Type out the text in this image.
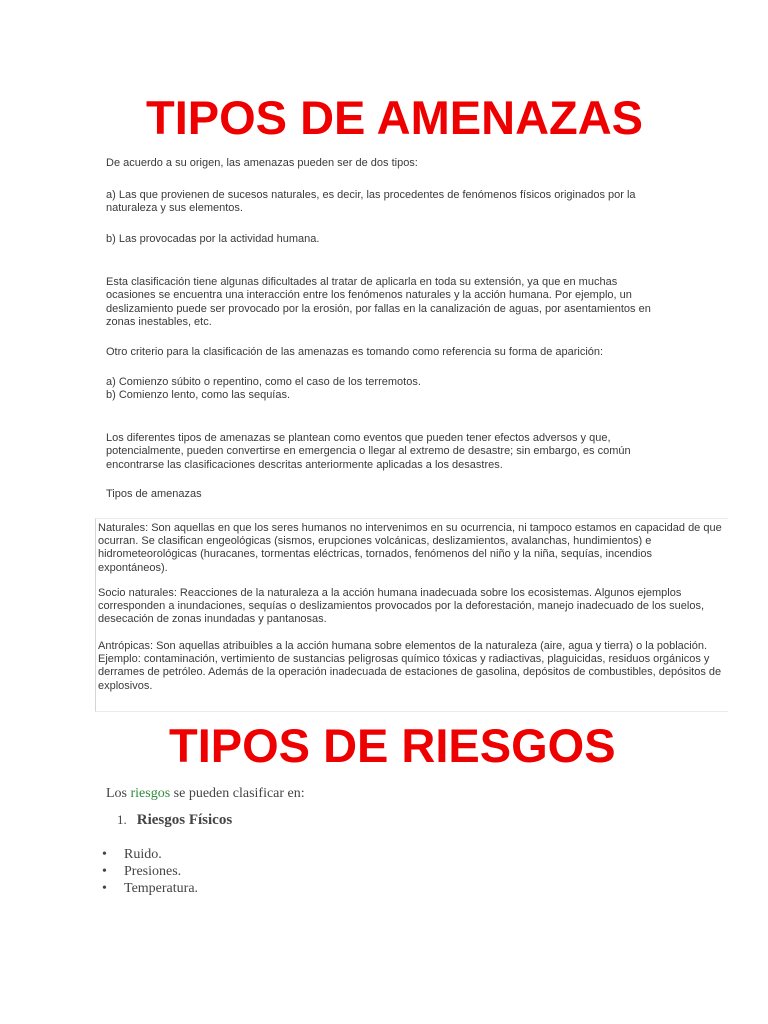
TIPOS DE AMENAZAS

De acuerdo a su origen, las amenazas pueden ser de dos tipos:

a) Las que provienen de sucesos naturales, es decir, las procedentes de fenómenos físicos originados por la naturaleza y sus elementos.

b) Las provocadas por la actividad humana.

Esta clasificación tiene algunas dificultades al tratar de aplicarla en toda su extensión, ya que en muchas ocasiones se encuentra una interacción entre los fenómenos naturales y la acción humana. Por ejemplo, un deslizamiento puede ser provocado por la erosión, por fallas en la canalización de aguas, por asentamientos en zonas inestables, etc.

Otro criterio para la clasificación de las amenazas es tomando como referencia su forma de aparición:

a) Comienzo súbito o repentino, como el caso de los terremotos.

b) Comienzo lento, como las sequías.

Los diferentes tipos de amenazas se plantean como eventos que pueden tener efectos adversos y que, potencialmente, pueden convertirse en emergencia o llegar al extremo de desastre; sin embargo, es común encontrarse las clasificaciones descritas anteriormente aplicadas a los desastres.

Tipos de amenazas

Naturales: Son aquellas en que los seres humanos no intervenimos en su ocurrencia, ni tampoco estamos en capacidad de que ocurran. Se clasifican engeológicas (sismos, erupciones volcánicas, deslizamientos, avalanchas, hundimientos) e hidrometeorológicas (huracanes, tormentas eléctricas, tornados, fenómenos del niño y la niña, sequías, incendios expontáneos).

Socio naturales: Reacciones de la naturaleza a la acción humana inadecuada sobre los ecosistemas. Algunos ejemplos corresponden a inundaciones, sequías o deslizamientos provocados por la deforestación, manejo inadecuado de los suelos, desecación de zonas inundadas y pantanosas.

Antrópicas: Son aquellas atribuibles a la acción humana sobre elementos de la naturaleza (aire, agua y tierra) o la población. Ejemplo: contaminación, vertimiento de sustancias peligrosas químico tóxicas y radiactivas, plaguicidas, residuos orgánicos y derrames de petróleo. Además de la operación inadecuada de estaciones de gasolina, depósitos de combustibles, depósitos de explosivos.

TIPOS DE RIESGOS

Los riesgos se pueden clasificar en:

1. Riesgos Físicos

• Ruido.
• Presiones.
• Temperatura.
